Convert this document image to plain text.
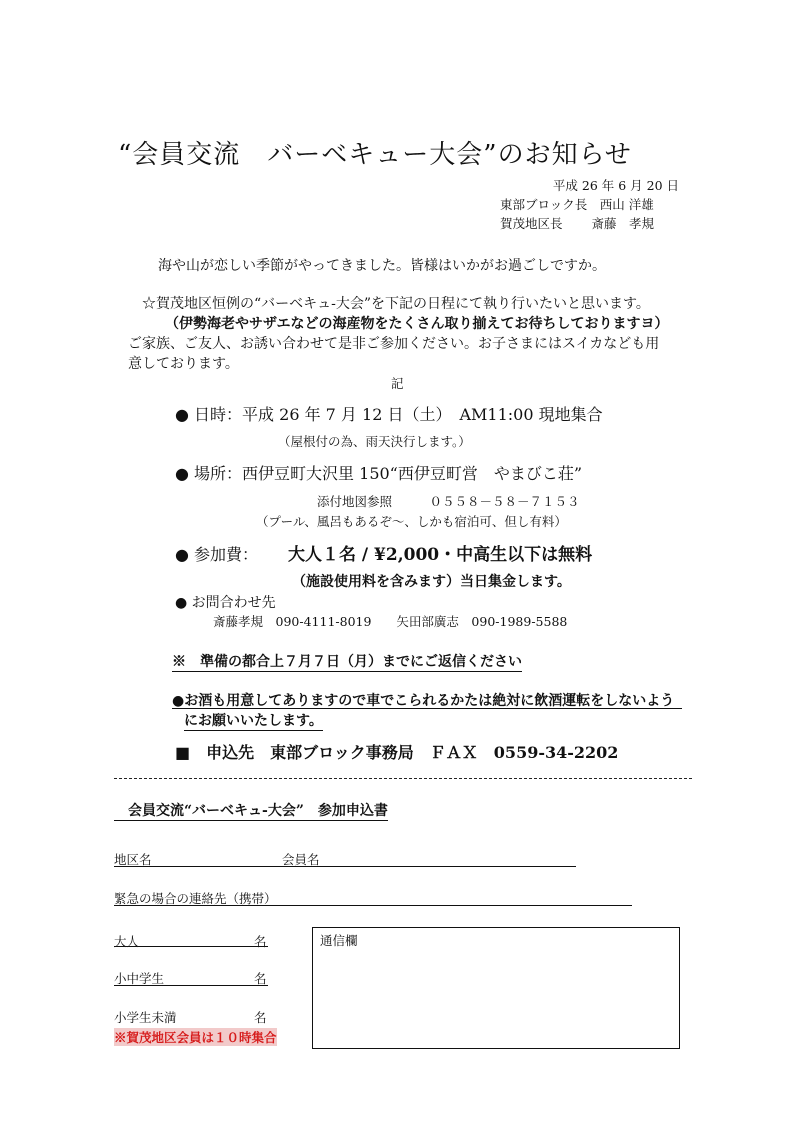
“会員交流　バーベキュー大会”のお知らせ
平成 26 年 6 月 20 日
東部ブロック長　西山 洋雄
賀茂地区長　　 斎藤　孝規
海や山が恋しい季節がやってきました。皆様はいかがお過ごしですか。
☆賀茂地区恒例の“バーベキュ-大会”を下記の日程にて執り行いたいと思います。
（伊勢海老やサザエなどの海産物をたくさん取り揃えてお待ちしておりますヨ）
ご家族、ご友人、お誘い合わせて是非ご参加ください。お子さまにはスイカなども用
意しております。
記
● 日時：平成 26 年 7 月 12 日（土）　AM11:00 現地集合
（屋根付の為、雨天決行します。）
● 場所：西伊豆町大沢里 150“西伊豆町営　やまびこ荘”
添付地図参照　　　０５５８－５８－７１５３
（プール、風呂もあるぞ～、しかも宿泊可、但し有料）
● 参加費： 大人１名 / ¥2,000・中高生以下は無料
（施設使用料を含みます）当日集金します。
● お問合わせ先
斎藤孝規　090-4111-8019　　矢田部廣志　090-1989-5588
※　準備の都合上７月７日（月）までにご返信ください
●お酒も用意してありますので車でこられるかたは絶対に飲酒運転をしないよう
にお願いいたします。
■　申込先　東部ブロック事務局　ＦＡＸ　0559-34-2202
　会員交流“バーベキュ-大会”　参加申込書
地区名	会員名
緊急の場合の連絡先（携帯）
大人	名
小中学生	名
小学生未満	名
※賀茂地区会員は１０時集合
通信欄
